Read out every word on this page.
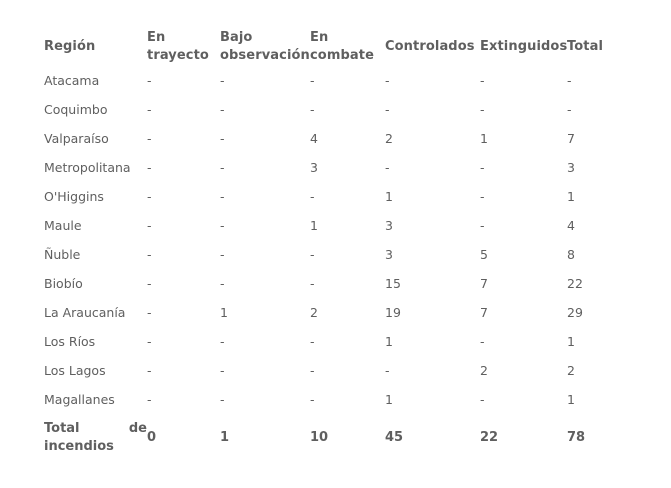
Región	En trayecto	Bajo observación	En combate	Controlados	Extinguidos	Total
Atacama	-	-	-	-	-	-
Coquimbo	-	-	-	-	-	-
Valparaíso	-	-	4	2	1	7
Metropolitana	-	-	3	-	-	3
O'Higgins	-	-	-	1	-	1
Maule	-	-	1	3	-	4
Ñuble	-	-	-	3	5	8
Biobío	-	-	-	15	7	22
La Araucanía	-	1	2	19	7	29
Los Ríos	-	-	-	1	-	1
Los Lagos	-	-	-	-	2	2
Magallanes	-	-	-	1	-	1

Total de incendios	0	1	10	45	22	78
